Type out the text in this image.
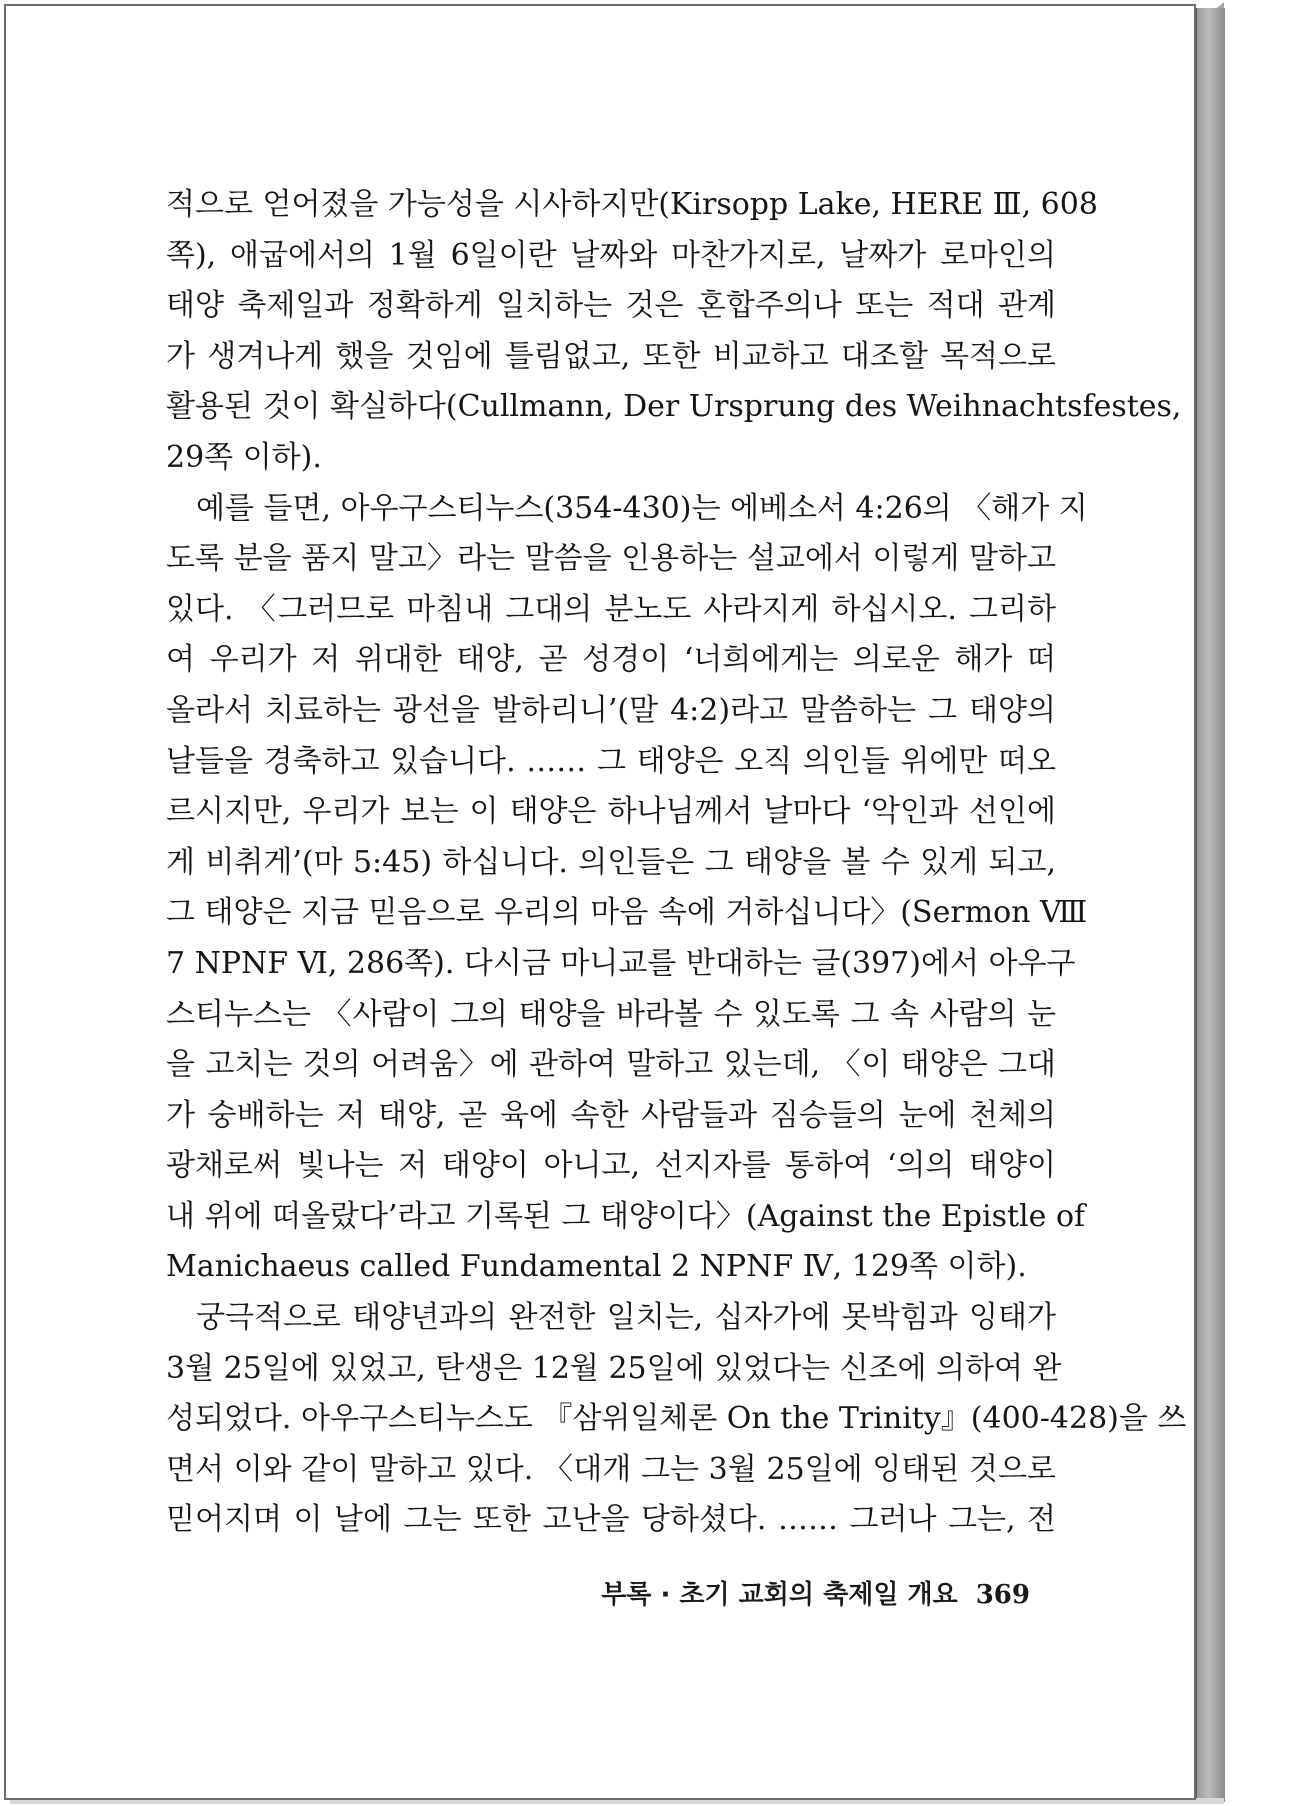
적으로 얻어졌을 가능성을 시사하지만(Kirsopp Lake, HERE Ⅲ, 608
쪽), 애굽에서의 1월 6일이란 날짜와 마찬가지로, 날짜가 로마인의
태양 축제일과 정확하게 일치하는 것은 혼합주의나 또는 적대 관계
가 생겨나게 했을 것임에 틀림없고, 또한 비교하고 대조할 목적으로
활용된 것이 확실하다(Cullmann, Der Ursprung des Weihnachtsfestes,
29쪽 이하).
예를 들면, 아우구스티누스(354-430)는 에베소서 4:26의 〈해가 지
도록 분을 품지 말고〉라는 말씀을 인용하는 설교에서 이렇게 말하고
있다. 〈그러므로 마침내 그대의 분노도 사라지게 하십시오. 그리하
여 우리가 저 위대한 태양, 곧 성경이 ‘너희에게는 의로운 해가 떠
올라서 치료하는 광선을 발하리니’(말 4:2)라고 말씀하는 그 태양의
날들을 경축하고 있습니다. …… 그 태양은 오직 의인들 위에만 떠오
르시지만, 우리가 보는 이 태양은 하나님께서 날마다 ‘악인과 선인에
게 비취게’(마 5:45) 하십니다. 의인들은 그 태양을 볼 수 있게 되고,
그 태양은 지금 믿음으로 우리의 마음 속에 거하십니다〉(Sermon Ⅷ
7 NPNF Ⅵ, 286쪽). 다시금 마니교를 반대하는 글(397)에서 아우구
스티누스는 〈사람이 그의 태양을 바라볼 수 있도록 그 속 사람의 눈
을 고치는 것의 어려움〉에 관하여 말하고 있는데, 〈이 태양은 그대
가 숭배하는 저 태양, 곧 육에 속한 사람들과 짐승들의 눈에 천체의
광채로써 빛나는 저 태양이 아니고, 선지자를 통하여 ‘의의 태양이
내 위에 떠올랐다’라고 기록된 그 태양이다〉(Against the Epistle of
Manichaeus called Fundamental 2 NPNF Ⅳ, 129쪽 이하).
궁극적으로 태양년과의 완전한 일치는, 십자가에 못박힘과 잉태가
3월 25일에 있었고, 탄생은 12월 25일에 있었다는 신조에 의하여 완
성되었다. 아우구스티누스도 『삼위일체론 On the Trinity』(400-428)을 쓰
면서 이와 같이 말하고 있다. 〈대개 그는 3월 25일에 잉태된 것으로
믿어지며 이 날에 그는 또한 고난을 당하셨다. …… 그러나 그는, 전
부록 · 초기 교회의 축제일 개요 369
